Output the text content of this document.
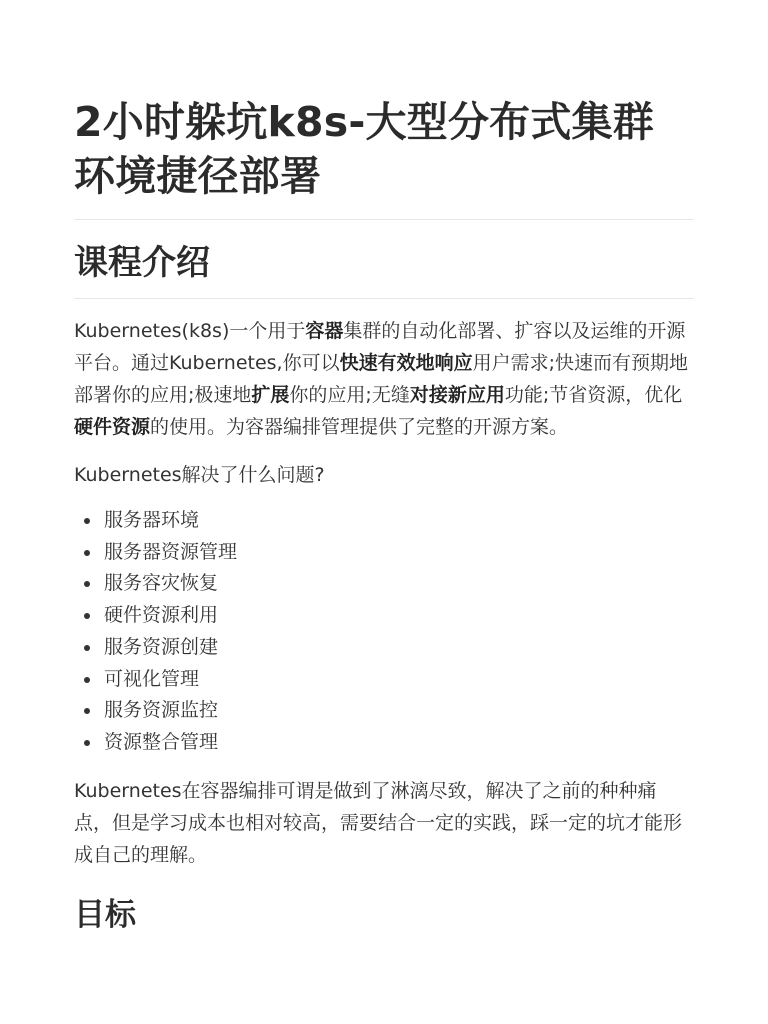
2小时躲坑k8s-大型分布式集群环境捷径部署
课程介绍

Kubernetes(k8s)一个用于容器集群的自动化部署、扩容以及运维的开源平台。通过Kubernetes,你可以快速有效地响应用户需求;快速而有预期地部署你的应用;极速地扩展你的应用;无缝对接新应用功能;节省资源，优化硬件资源的使用。为容器编排管理提供了完整的开源方案。

Kubernetes解决了什么问题?

服务器环境
服务器资源管理
服务容灾恢复
硬件资源利用
服务资源创建
可视化管理
服务资源监控
资源整合管理

Kubernetes在容器编排可谓是做到了淋漓尽致，解决了之前的种种痛点，但是学习成本也相对较高，需要结合一定的实践，踩一定的坑才能形成自己的理解。

目标
